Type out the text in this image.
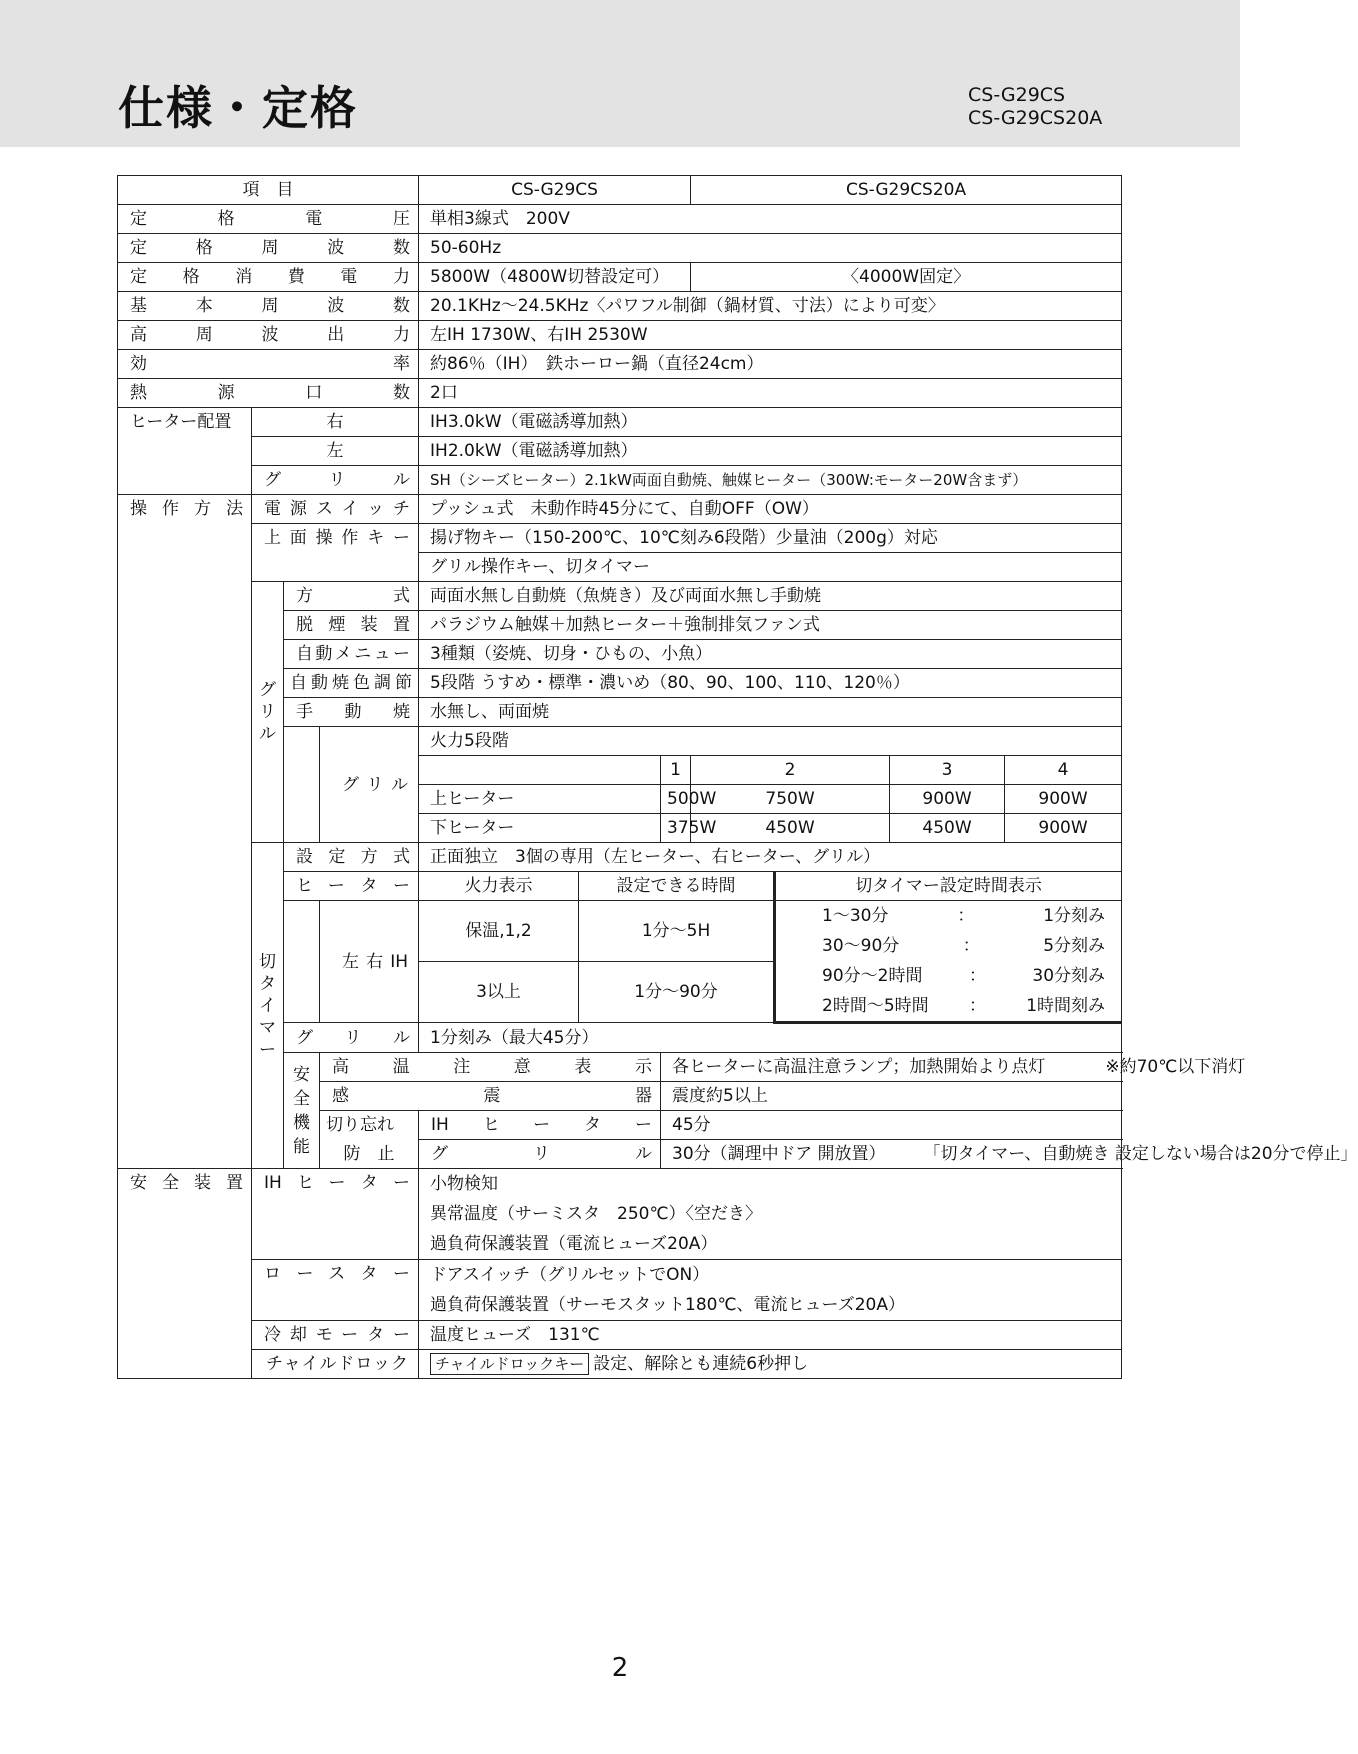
仕様・定格	CS-G29CS
CS-G29CS20A
項　目				CS-G29CS			CS-G29CS20A				
定格電圧				単相3線式　200V							
定格周波数				50-60Hz							
定格消費電力				5800W（4800W切替設定可）			〈4000W固定〉				
基本周波数				20.1KHz〜24.5KHz〈パワフル制御（鍋材質、寸法）により可変〉							
高周波出力				左IH 1730W、右IH 2530W							
効率				約86％（IH）　鉄ホーロー鍋（直径24cm）							
熱源口数				2口							
ヒーター配置	右			IH3.0kW（電磁誘導加熱）							
	左			IH2.0kW（電磁誘導加熱）							
	グリル			SH（シーズヒーター）2.1kW両面自動焼、触媒ヒーター（300W:モーター20W含まず）							
操作方法	電源スイッチ			プッシュ式　未動作時45分にて、自動OFF（OW）							
	上面操作キー			揚げ物キー（150-200℃、10℃刻み6段階）少量油（200g）対応							
				グリル操作キー、切タイマー							

	グリル	方式		両面水無し自動焼（魚焼き）及び両面水無し手動焼							
		脱煙装置		パラジウム触媒＋加熱ヒーター＋強制排気ファン式							
		自動メニュー		3種類（姿焼、切身・ひもの、小魚）							
		自動焼色調節		5段階 うすめ・標準・濃いめ（80、90、100、110、120％）							
		手動焼		水無し、両面焼							
			グリル	火力5段階							
						1	2		3	4	
				上ヒーター		500W	750W		900W	900W	
				下ヒーター		375W	450W		450W	900W	

	切タイマー	設定方式		正面独立　3個の専用（左ヒーター、右ヒーター、グリル）							
		ヒーター		火力表示	設定できる時間			切タイマー設定時間表示			
			左右IH	保温,1,2	1分〜5H			1〜30分 ： 1分刻み			

								30〜90分 ： 5分刻み			

				3以上	1分〜90分			90分〜2時間 ： 30分刻み			

								2時間〜5時間 ： 1時間刻み			

		グリル		1分刻み（最大45分）							

		安全機能	高温注意表示			各ヒーターに高温注意ランプ；加熱開始より点灯 ※約70℃以下消灯					
			感震器			震度約5以上					
			切り忘れ	IHヒーター		45分					
			防　止	グリル		30分（調理中ドア 開放置） 「切タイマー、自動焼き 設定しない場合は20分で停止」					
安全装置	IHヒーター			小物検知
異常温度（サーミスタ　250℃）〈空だき〉
過負荷保護装置（電流ヒューズ20A）							

	ロースター			ドアスイッチ（グリルセットでON）
過負荷保護装置（サーモスタット180℃、電流ヒューズ20A）							

	冷却モーター			温度ヒューズ　131℃							
	チャイルドロック			チャイルドロックキー 設定、解除とも連続6秒押し							
2
